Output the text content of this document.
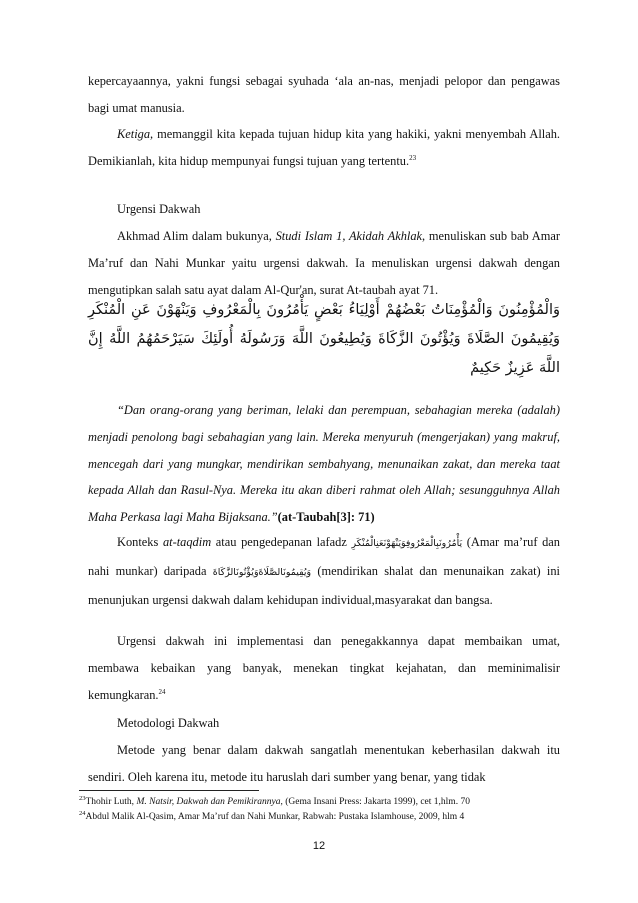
kepercayaannya, yakni fungsi sebagai syuhada ‘ala an-nas, menjadi pelopor dan pengawas bagi umat manusia.

Ketiga, memanggil kita kepada tujuan hidup kita yang hakiki, yakni menyembah Allah. Demikianlah, kita hidup mempunyai fungsi tujuan yang tertentu.$^{23}$

Urgensi Dakwah

Akhmad Alim dalam bukunya, Studi Islam 1, Akidah Akhlak, menuliskan sub bab Amar Ma’ruf dan Nahi Munkar yaitu urgensi dakwah. Ia menuliskan urgensi dakwah dengan mengutipkan salah satu ayat dalam Al-Qur'an, surat At-taubah ayat 71.

وَالْمُؤْمِنُونَ وَالْمُؤْمِنَاتُ بَعْضُهُمْ أَوْلِيَاءُ بَعْضٍ يَأْمُرُونَ بِالْمَعْرُوفِ وَيَنْهَوْنَ عَنِ الْمُنْكَرِ وَيُقِيمُونَ الصَّلَاةَ وَيُؤْتُونَ الزَّكَاةَ وَيُطِيعُونَ اللَّهَ وَرَسُولَهُ أُولَئِكَ سَيَرْحَمُهُمُ اللَّهُ إِنَّ اللَّهَ عَزِيزٌ حَكِيمٌ

“Dan orang-orang yang beriman, lelaki dan perempuan, sebahagian mereka (adalah) menjadi penolong bagi sebahagian yang lain. Mereka menyuruh (mengerjakan) yang makruf, mencegah dari yang mungkar, mendirikan sembahyang, menunaikan zakat, dan mereka taat kepada Allah dan Rasul-Nya. Mereka itu akan diberi rahmat oleh Allah; sesungguhnya Allah Maha Perkasa lagi Maha Bijaksana.”(at-Taubah[3]: 71)

Konteks at-taqdim atau pengedepanan lafadz يَأْمُرُونَبِالْمَعْرُوفِوَيَنْهَوْنَعَنِالْمُنْكَرِ (Amar ma’ruf dan nahi munkar) daripada وَيُقِيمُونَالصَّلَاةَوَيُؤْتُونَالزَّكَاةَ (mendirikan shalat dan menunaikan zakat) ini menunjukan urgensi dakwah dalam kehidupan individual,masyarakat dan bangsa.

Urgensi dakwah ini implementasi dan penegakkannya dapat membaikan umat, membawa kebaikan yang banyak, menekan tingkat kejahatan, dan meminimalisir kemungkaran.$^{24}$

Metodologi Dakwah

Metode yang benar dalam dakwah sangatlah menentukan keberhasilan dakwah itu sendiri. Oleh karena itu, metode itu haruslah dari sumber yang benar, yang tidak

$^{23}$Thohir Luth, M. Natsir, Dakwah dan Pemikirannya, (Gema Insani Press: Jakarta 1999), cet 1,hlm. 70
$^{24}$Abdul Malik Al-Qasim, Amar Ma’ruf dan Nahi Munkar, Rabwah: Pustaka Islamhouse, 2009, hlm 4
12
